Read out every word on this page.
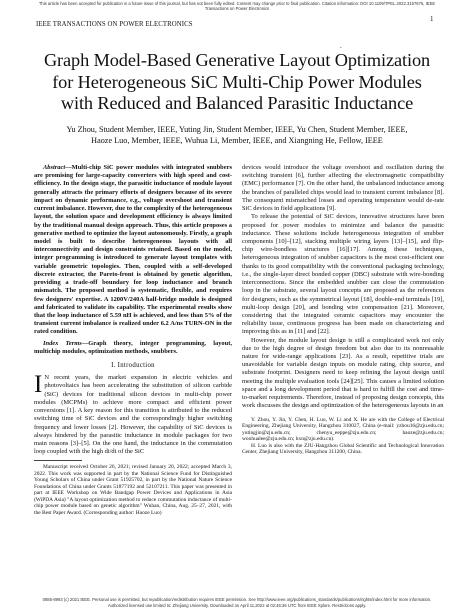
This article has been accepted for publication in a future issue of this journal, but has not been fully edited. Content may change prior to final publication. Citation information: DOI 10.1109/TPEL.2022.3157675, IEEE
Transactions on Power Electronics
IEEE TRANSACTIONS ON POWER ELECTRONICS
1
.
Graph Model-Based Generative Layout Optimization
for Heterogeneous SiC Multi-Chip Power Modules
with Reduced and Balanced Parasitic Inductance
Yu Zhou, Student Member, IEEE, Yuting Jin, Student Member, IEEE, Yu Chen, Student Member, IEEE,
Haoze Luo, Member, IEEE, Wuhua Li, Member, IEEE, and Xiangning He, Fellow, IEEE

Abstract—Multi-chip SiC power modules with integrated snubbers are promising for large-capacity converters with high speed and cost-efficiency. In the design stage, the parasitic inductance of module layout generally attracts the primary efforts of designers because of its severe impact on dynamic performance, e.g., voltage overshoot and transient current imbalance. However, due to the complexity of the heterogeneous layout, the solution space and development efficiency is always limited by the traditional manual design approach. Thus, this article proposes a generative method to optimize the layout autonomously. Firstly, a graph model is built to describe heterogeneous layouts with all interconnectivity and design constraints retained. Based on the model, integer programming is introduced to generate layout templates with variable geometric topologies. Then, coupled with a self-developed discrete extractor, the Pareto-front is obtained by genetic algorithm, providing a trade-off boundary for loop inductance and branch mismatch. The proposed method is systematic, flexible, and requires few designers' expertise. A 1200V/240A half-bridge module is designed and fabricated to validate its capability. The experimental results show that the loop inductance of 5.59 nH is achieved, and less than 5% of the transient current imbalance is realized under 6.2 A/ns TURN-ON in the rated condition.

Index Terms—Graph theory, integer programming, layout, multichip modules, optimization methods, snubbers.

I. Introduction

I N recent years, the market expansion in electric vehicles and photovoltaics has been accelerating the substitution of silicon carbide (SiC) devices for traditional silicon devices in multi-chip power modules (MCPMs) to achieve more compact and efficient power conversions [1]. A key reason for this transition is attributed to the reduced switching time of SiC devices and the correspondingly higher switching frequency and lower losses [2]. However, the capability of SiC devices is always hindered by the parasitic inductance in module packages for two main reasons [3]–[5]. On the one hand, the inductance in the commutation loop coupled with the high di/dt of the SiC

Manuscript received October 26, 2021; revised January 20, 2022; accepted March 3, 2022. This work was supported in part by the National Science Fund for Distinguished Young Scholars of China under Grant 51925702, in part by the National Nature Science Foundations of China under Grants 51877192 and 52107211. This paper was presented in part at IEEE Workshop on Wide Bandgap Power Devices and Applications in Asia (WiPDA Asia) "A layout optimization method to reduce commutation inductance of multi-chip power module based on genetic algorithm" Wuhan, China, Aug. 25–27, 2021, with the Best Paper Award. (Corresponding author: Haoze Luo)

devices would introduce the voltage overshoot and oscillation during the switching transient [6], further affecting the electromagnetic compatibility (EMC) performance [7]. On the other hand, the unbalanced inductance among the branches of paralleled chips would lead to transient current imbalance [8]. The consequent mismatched losses and operating temperature would de-rate SiC devices in field applications [9].

To release the potential of SiC devices, innovative structures have been proposed for power modules to minimize and balance the parasitic inductance. These solutions include heterogeneous integration of snubber components [10]–[12], stacking multiple wiring layers [13]–[15], and flip-chip wire-bondless structures [16][17]. Among these techniques, heterogeneous integration of snubber capacitors is the most cost-efficient one thanks to its good compatibility with the conventional packaging technology, i.e., the single-layer direct bonded copper (DBC) substrate with wire-bonding interconnections. Since the embedded snubber can close the commutation loop in the substrate, several layout concepts are proposed as the references for designers, such as the symmetrical layout [18], double-end terminals [19], multi-loop design [20], and bonding wire compensation [21]. Moreover, considering that the integrated ceramic capacitors may encounter the reliability issue, continuous progress has been made on characterizing and improving this as in [11] and [22].

However, the module layout design is still a complicated work not only due to the high degree of design freedom but also due to its nonreusable nature for wide-range applications [23]. As a result, repetitive trials are unavoidable for variable design inputs on module rating, chip source, and substrate footprint. Designers need to keep refining the layout design until meeting the multiple evaluation tools [24][25]. This causes a limited solution space and a long development period that is hard to fulfill the cost and time-to-market requirements. Therefore, instead of proposing design concepts, this work discusses the design and optimization of the heterogeneous layouts in an

Y. Zhou, Y. Jin, Y. Chen, H. Luo, W. Li and X. He are with the College of Electrical Engineering, Zhejiang University, Hangzhou 310027, China (e-mail: yzhou16@zju.edu.cn; yutingjin@zju.edu.cn; chenyu_eeppe@zju.edu.cn; haoze@zju.edu.cn; woohualee@zju.edu.cn; hxn@zju.edu.cn).

H. Luo is also with the ZJU-Hangzhou Global Scientific and Technological Innovation Center, Zhejiang University, Hangzhou 311200, China.

0885-8993 (c) 2021 IEEE. Personal use is permitted, but republication/redistribution requires IEEE permission. See http://www.ieee.org/publications_standards/publications/rights/index.html for more information.
Authorized licensed use limited to: Zhejiang University. Downloaded on April 11,2022 at 02:46:36 UTC from IEEE Xplore. Restrictions apply.
